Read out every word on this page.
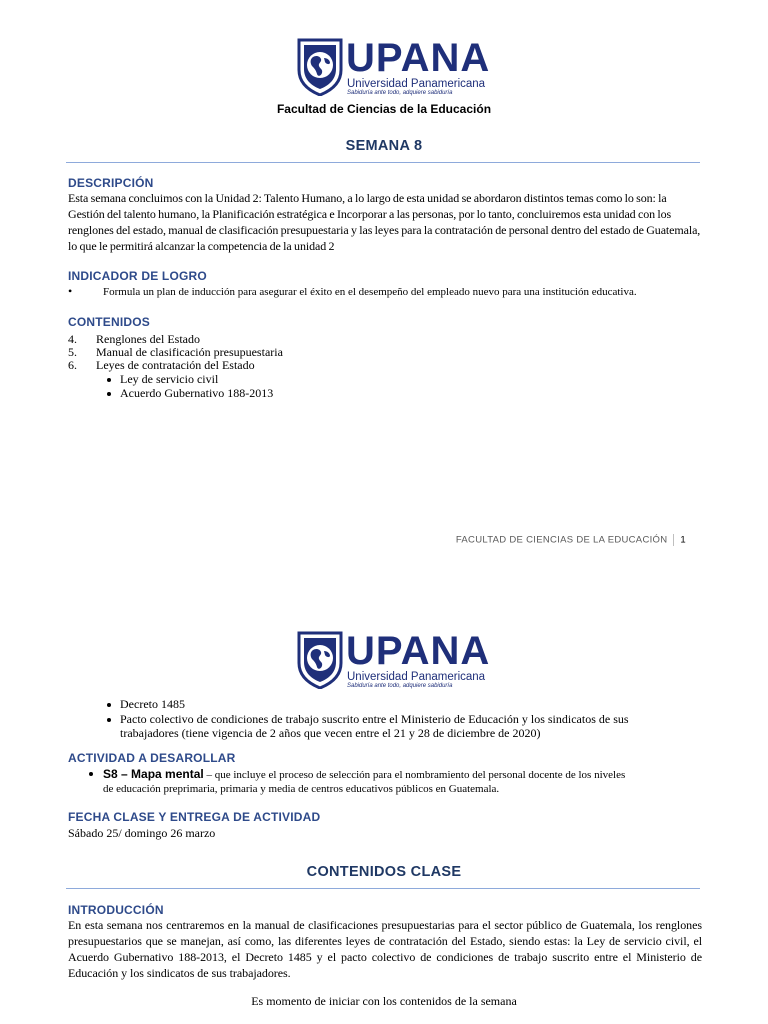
UPANA
Universidad Panamericana
Sabiduría ante todo, adquiere sabiduría
Facultad de Ciencias de la Educación
SEMANA 8
DESCRIPCIÓN
Esta semana concluimos con la Unidad 2: Talento Humano, a lo largo de esta unidad se abordaron distintos temas como lo son: la Gestión del talento humano, la Planificación estratégica e Incorporar a las personas, por lo tanto, concluiremos esta unidad con los renglones del estado, manual de clasificación presupuestaria y las leyes para la contratación de personal dentro del estado de Guatemala, lo que le permitirá alcanzar la competencia de la unidad 2
INDICADOR DE LOGRO
•	Formula un plan de inducción para asegurar el éxito en el desempeño del empleado nuevo para una institución educativa.
CONTENIDOS
4. Renglones del Estado
5. Manual de clasificación presupuestaria
6. Leyes de contratación del Estado
Ley de servicio civil
Acuerdo Gubernativo 188-2013
FACULTAD DE CIENCIAS DE LA EDUCACIÓN 1
UPANA
Universidad Panamericana
Sabiduría ante todo, adquiere sabiduría
Decreto 1485
Pacto colectivo de condiciones de trabajo suscrito entre el Ministerio de Educación y los sindicatos de sus
trabajadores (tiene vigencia de 2 años que vecen entre el 21 y 28 de diciembre de 2020)
ACTIVIDAD A DESAROLLAR
S8 – Mapa mental – que incluye el proceso de selección para el nombramiento del personal docente de los niveles
de educación preprimaria, primaria y media de centros educativos públicos en Guatemala.
FECHA CLASE Y ENTREGA DE ACTIVIDAD
Sábado 25/ domingo 26 marzo
CONTENIDOS CLASE
INTRODUCCIÓN
En esta semana nos centraremos en la manual de clasificaciones presupuestarias para el sector público de Guatemala, los renglones presupuestarios que se manejan, así como, las diferentes leyes de contratación del Estado, siendo estas: la Ley de servicio civil, el Acuerdo Gubernativo 188-2013, el Decreto 1485 y el pacto colectivo de condiciones de trabajo suscrito entre el Ministerio de Educación y los sindicatos de sus trabajadores.
Es momento de iniciar con los contenidos de la semana
